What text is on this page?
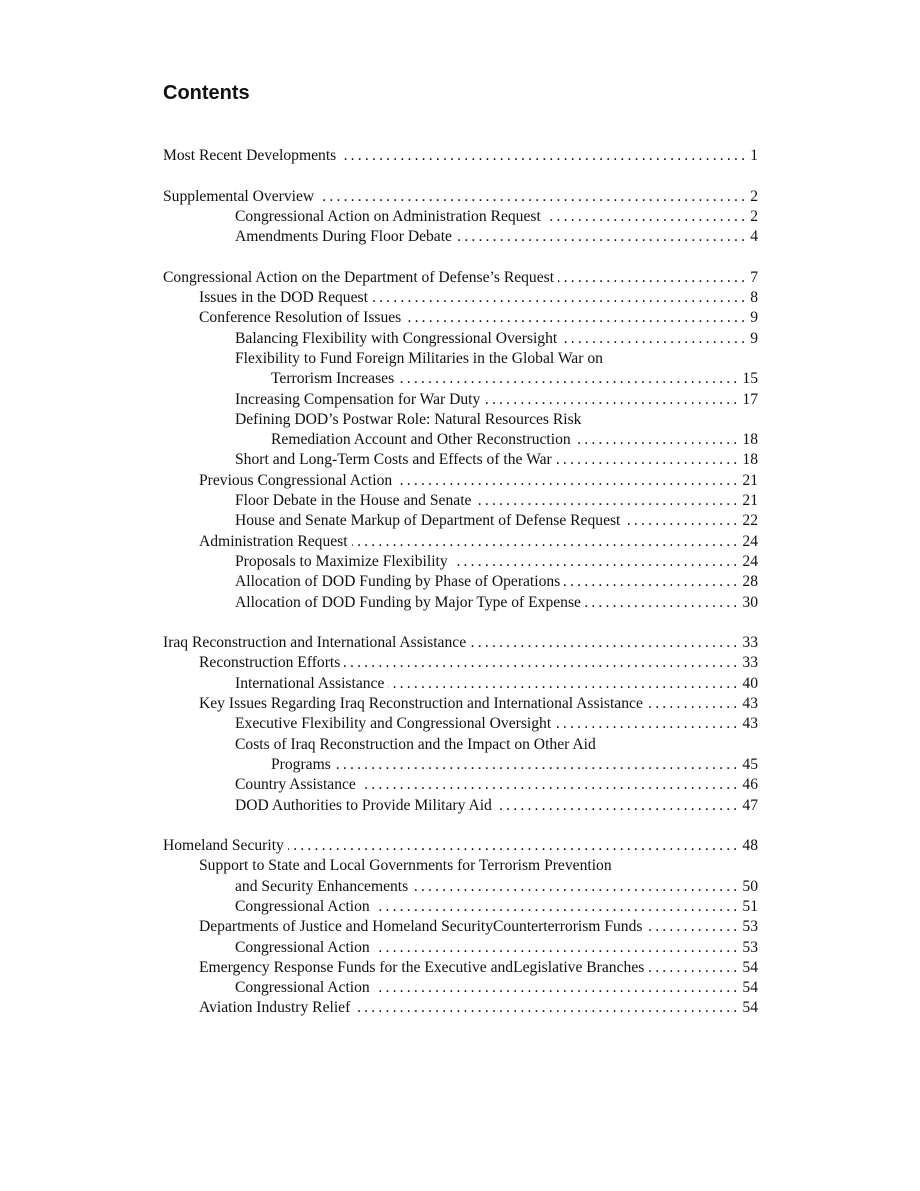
Contents
Most Recent Developments .....	1
Supplemental Overview .....	2
Congressional Action on Administration Request .....	2
Amendments During Floor Debate .....	4
Congressional Action on the Department of Defense’s Request .....	7
Issues in the DOD Request .....	8
Conference Resolution of Issues .....	9
Balancing Flexibility with Congressional Oversight .....	9
Flexibility to Fund Foreign Militaries in the Global War on
Terrorism Increases .....	15
Increasing Compensation for War Duty .....	17
Defining DOD’s Postwar Role: Natural Resources Risk
Remediation Account and Other Reconstruction .....	18
Short and Long-Term Costs and Effects of the War .....	18
Previous Congressional Action .....	21
Floor Debate in the House and Senate .....	21
House and Senate Markup of Department of Defense Request .....	22
Administration Request .....	24
Proposals to Maximize Flexibility .....	24
Allocation of DOD Funding by Phase of Operations .....	28
Allocation of DOD Funding by Major Type of Expense .....	30
Iraq Reconstruction and International Assistance .....	33
Reconstruction Efforts .....	33
International Assistance .....	40
Key Issues Regarding Iraq Reconstruction and International Assistance .....	43
Executive Flexibility and Congressional Oversight .....	43
Costs of Iraq Reconstruction and the Impact on Other Aid
Programs .....	45
Country Assistance .....	46
DOD Authorities to Provide Military Aid .....	47
Homeland Security .....	48
Support to State and Local Governments for Terrorism Prevention
and Security Enhancements .....	50
Congressional Action .....	51
Departments of Justice and Homeland SecurityCounterterrorism Funds .....	53
Congressional Action .....	53
Emergency Response Funds for the Executive andLegislative Branches .....	54
Congressional Action .....	54
Aviation Industry Relief .....	54
